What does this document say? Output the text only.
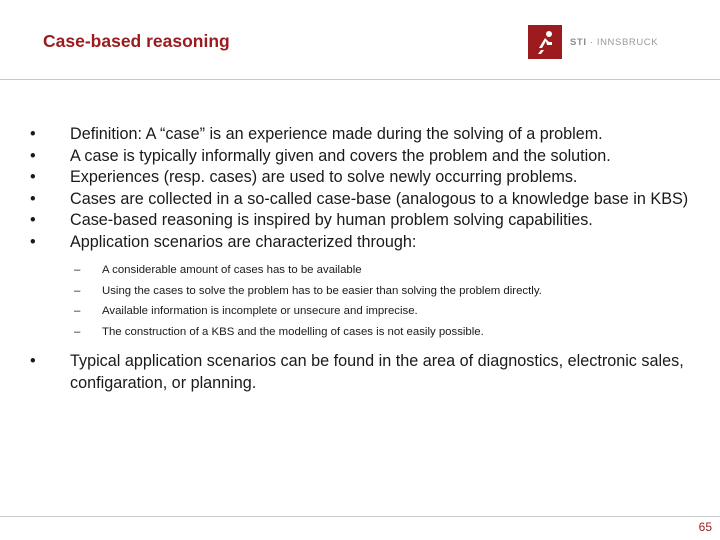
Case-based reasoning	STI · INNSBRUCK
• Definition: A “case” is an experience made during the solving of a problem.
• A case is typically informally given and covers the problem and the solution.
• Experiences (resp. cases) are used to solve newly occurring problems.
• Cases are collected in a so-called case-base (analogous to a knowledge base in KBS)
• Case-based reasoning is inspired by human problem solving capabilities.
• Application scenarios are characterized through:
– A considerable amount of cases has to be available
– Using the cases to solve the problem has to be easier than solving the problem directly.
– Available information is incomplete or unsecure and imprecise.
– The construction of a KBS and the modelling of cases is not easily possible.
• Typical application scenarios can be found in the area of diagnostics, electronic sales, configaration, or planning.
65
